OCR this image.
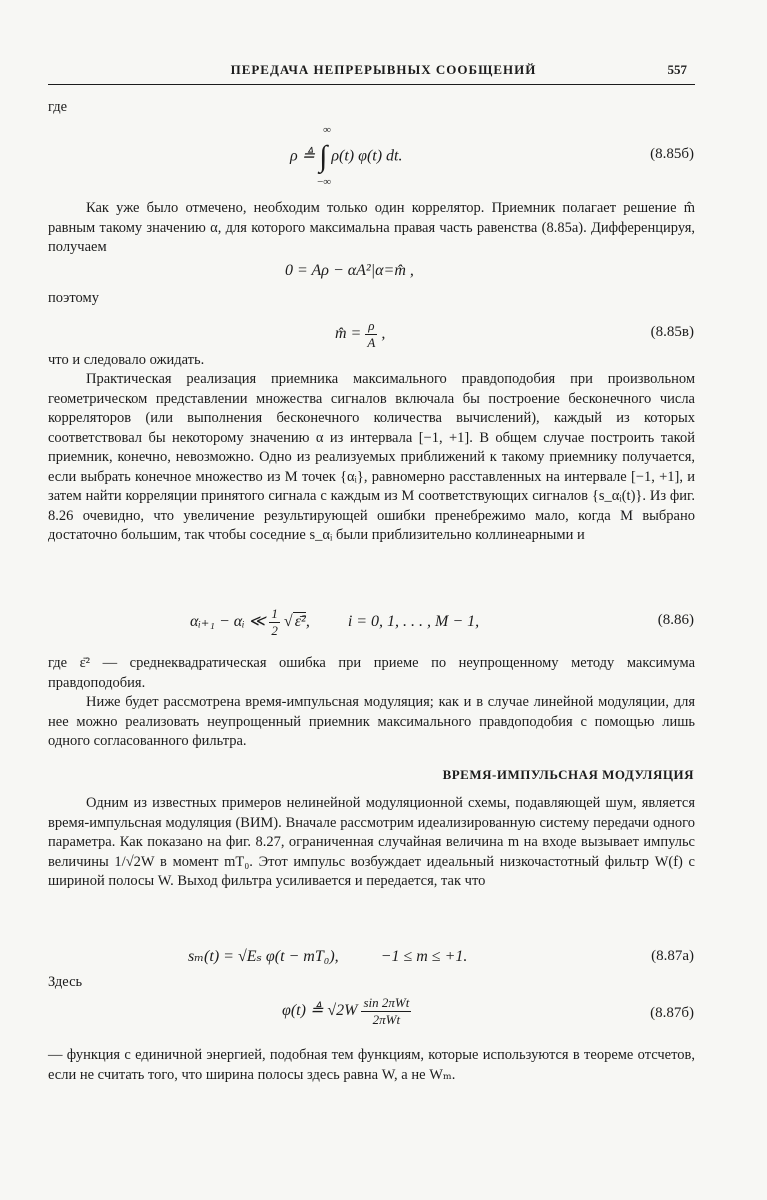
ПЕРЕДАЧА НЕПРЕРЫВНЫХ СООБЩЕНИЙ	557
где
ρ ≜ ∫
∞
−∞
ρ(t) φ(t) dt.	(8.85б)
Как уже было отмечено, необходим только один коррелятор. Приемник полагает решение m̂ равным такому значению α, для которого максимальна правая часть равенства (8.85а). Дифференцируя, получаем
0 = Aρ − αA²|α=m̂ ,
поэтому
m̂ = $\frac{\rho}{A}$ ,	(8.85в)
что и следовало ожидать.
Практическая реализация приемника максимального правдоподобия при произвольном геометрическом представлении множества сигналов включала бы построение бесконечного числа корреляторов (или выполнения бесконечного количества вычислений), каждый из которых соответствовал бы некоторому значению α из интервала [−1, +1]. В общем случае построить такой приемник, конечно, невозможно. Одно из реализуемых приближений к такому приемнику получается, если выбрать конечное множество из M точек {αᵢ}, равномерно расставленных на интервале [−1, +1], и затем найти корреляции принятого сигнала с каждым из M соответствующих сигналов {s_αᵢ(t)}. Из фиг. 8.26 очевидно, что увеличение результирующей ошибки пренебрежимо мало, когда M выбрано достаточно большим, так чтобы соседние s_αᵢ были приблизительно коллинеарными и
αᵢ₊₁ − αᵢ ≪ $\frac{1}{2}$ √ ε̄², i = 0, 1, . . . , M − 1,	(8.86)
где ε̄² — среднеквадратическая ошибка при приеме по неупрощенному методу максимума правдоподобия.
Ниже будет рассмотрена время-импульсная модуляция; как и в случае линейной модуляции, для нее можно реализовать неупрощенный приемник максимального правдоподобия с помощью лишь одного согласованного фильтра.
ВРЕМЯ-ИМПУЛЬСНАЯ МОДУЛЯЦИЯ
Одним из известных примеров нелинейной модуляционной схемы, подавляющей шум, является время-импульсная модуляция (ВИМ). Вначале рассмотрим идеализированную систему передачи одного параметра. Как показано на фиг. 8.27, ограниченная случайная величина m на входе вызывает импульс величины 1/√2W в момент mT₀. Этот импульс возбуждает идеальный низкочастотный фильтр W(f) с шириной полосы W. Выход фильтра усиливается и передается, так что
sₘ(t) = √Eₛ φ(t − mT₀),	−1 ≤ m ≤ +1.	(8.87а)
Здесь
φ(t) ≜ $√2W \frac{\text{sin 2πWt}}{\text{2πWt}}$	(8.87б)
— функция с единичной энергией, подобная тем функциям, которые используются в теореме отсчетов, если не считать того, что ширина полосы здесь равна W, а не Wₘ.
